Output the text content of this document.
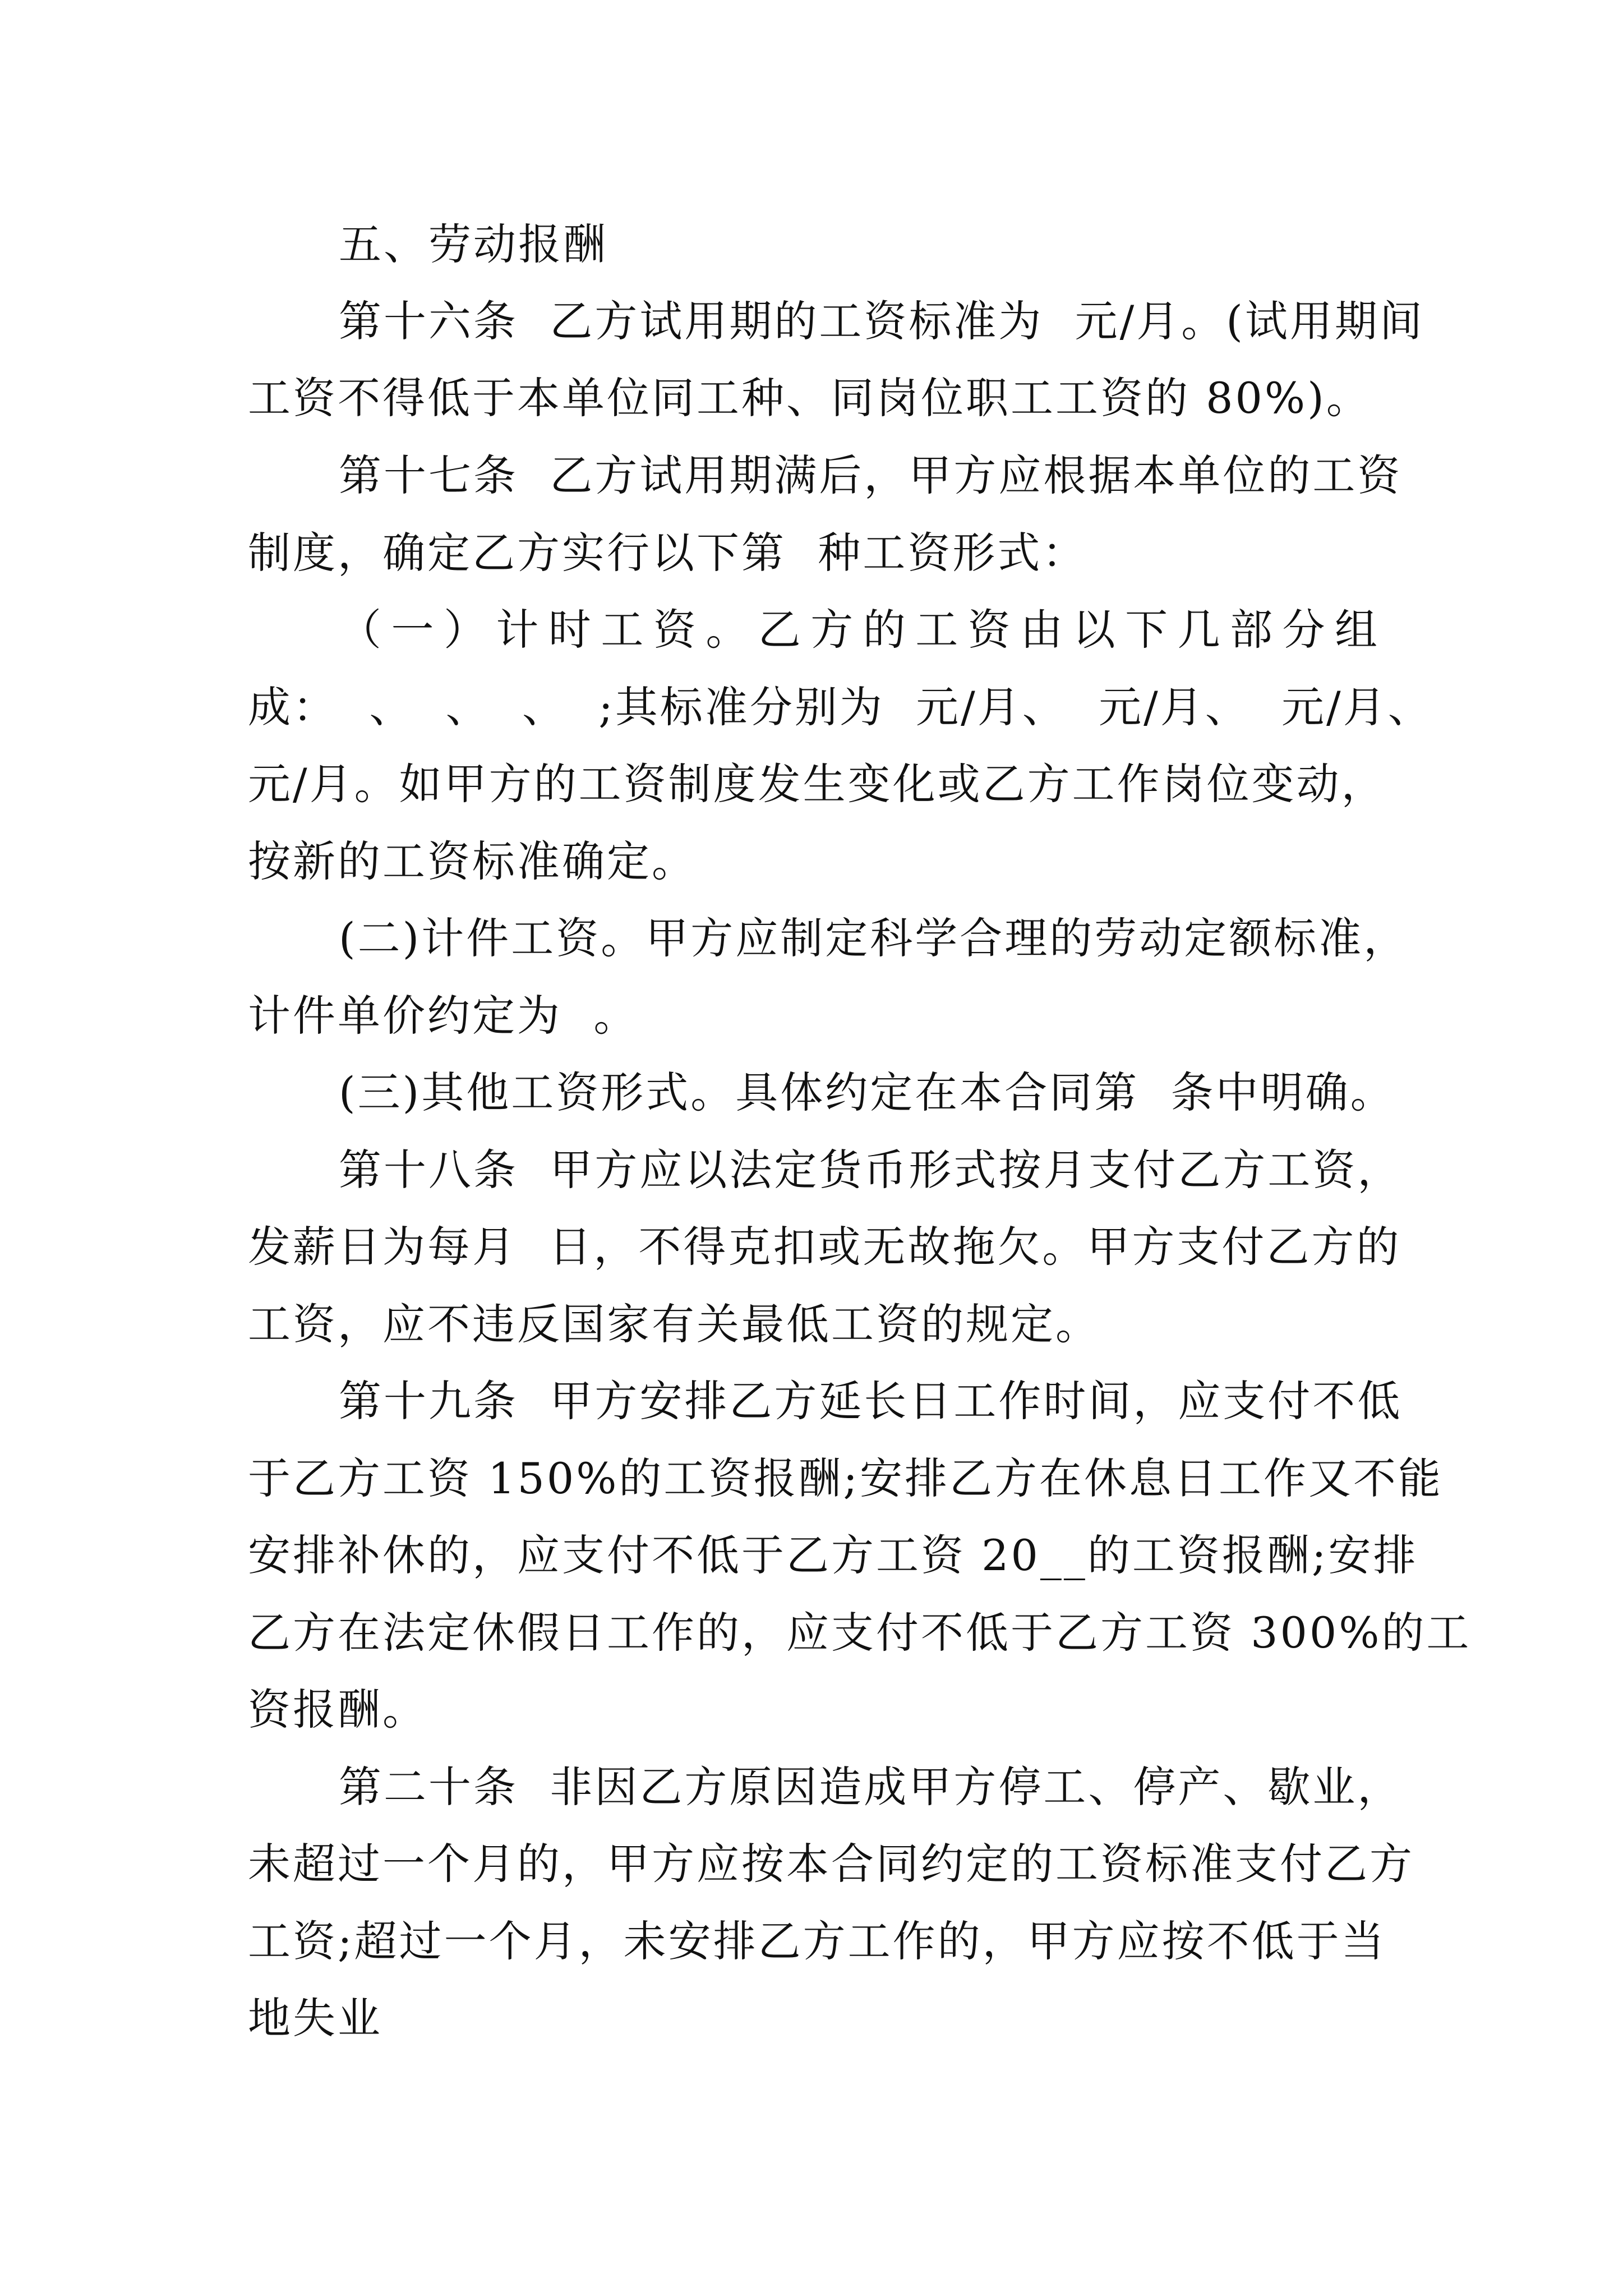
五、劳动报酬
第十六条  乙方试用期的工资标准为  元/月。(试用期间
工资不得低于本单位同工种、同岗位职工工资的 80%)。
第十七条  乙方试用期满后，甲方应根据本单位的工资
制度，确定乙方实行以下第  种工资形式：
（一）计时工资。乙方的工资由以下几部分组
成：  、  、  、  ;其标准分别为  元/月、  元/月、  元/月、
元/月。如甲方的工资制度发生变化或乙方工作岗位变动，
按新的工资标准确定。
(二)计件工资。甲方应制定科学合理的劳动定额标准，
计件单价约定为  。
(三)其他工资形式。具体约定在本合同第  条中明确。
第十八条  甲方应以法定货币形式按月支付乙方工资，
发薪日为每月  日，不得克扣或无故拖欠。甲方支付乙方的
工资，应不违反国家有关最低工资的规定。
第十九条  甲方安排乙方延长日工作时间，应支付不低
于乙方工资 150%的工资报酬;安排乙方在休息日工作又不能
安排补休的，应支付不低于乙方工资 20__的工资报酬;安排
乙方在法定休假日工作的，应支付不低于乙方工资 300%的工
资报酬。
第二十条  非因乙方原因造成甲方停工、停产、歇业，
未超过一个月的，甲方应按本合同约定的工资标准支付乙方
工资;超过一个月，未安排乙方工作的，甲方应按不低于当
地失业
